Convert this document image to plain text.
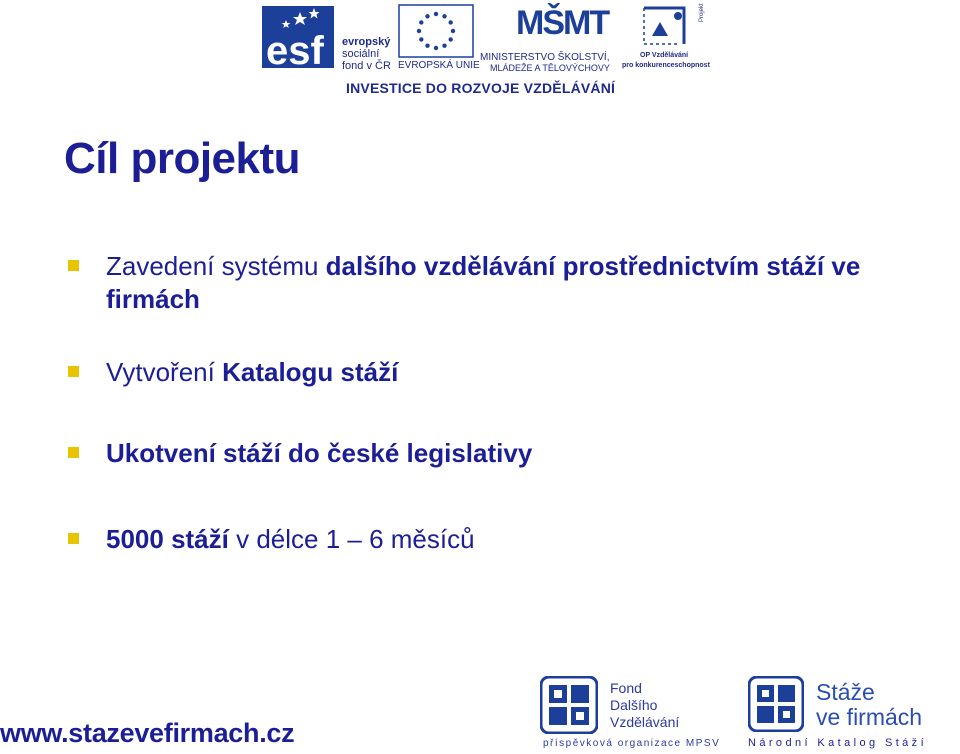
esf evropský
sociální
fond v ČR EVROPSKÁ UNIE
MŠMT
MINISTERSTVO ŠKOLSTVÍ,
MLÁDEŽE A TĚLOVÝCHOVY
OP Vzdělávání
pro konkurenceschopnost
Projekt
INVESTICE DO ROZVOJE VZDĚLÁVÁNÍ
Cíl projektu
Zavedení systému dalšího vzdělávání prostřednictvím stáží ve firmách
Vytvoření Katalogu stáží
Ukotvení stáží do české legislativy
5000 stáží v délce 1 – 6 měsíců
www.stazevefirmach.cz
Fond
Dalšího
Vzdělávání
příspěvková organizace MPSV
Stáže
ve firmách
Národní Katalog Stáží
